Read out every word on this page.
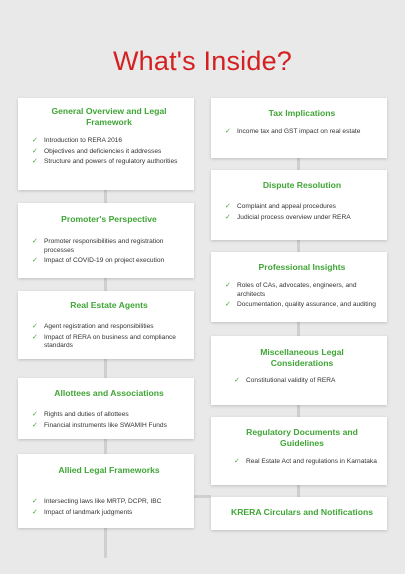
What's Inside?
General Overview and Legal Framework
✓ Introduction to RERA 2016
✓ Objectives and deficiencies it addresses
✓ Structure and powers of regulatory authorities
Promoter's Perspective
✓ Promoter responsibilities and registration processes
✓ Impact of COVID-19 on project execution
Real Estate Agents
✓ Agent registration and responsibilities
✓ Impact of RERA on business and compliance standards
Allottees and Associations
✓ Rights and duties of allottees
✓ Financial instruments like SWAMIH Funds
Allied Legal Frameworks
✓ Intersecting laws like MRTP, DCPR, IBC
✓ Impact of landmark judgments
Tax Implications
✓ Income tax and GST impact on real estate
Dispute Resolution
✓ Complaint and appeal procedures
✓ Judicial process overview under RERA
Professional Insights
✓ Roles of CAs, advocates, engineers, and architects
✓ Documentation, quality assurance, and auditing
Miscellaneous Legal Considerations
✓ Constitutional validity of RERA
Regulatory Documents and Guidelines
✓ Real Estate Act and regulations in Karnataka
KRERA Circulars and Notifications
